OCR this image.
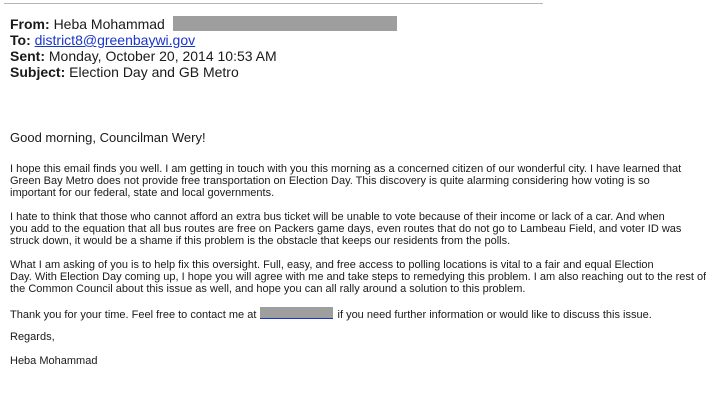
From: Heba Mohammad
To: district8@greenbaywi.gov
Sent: Monday, October 20, 2014 10:53 AM
Subject: Election Day and GB Metro
Good morning, Councilman Wery!
I hope this email finds you well. I am getting in touch with you this morning as a concerned citizen of our wonderful city. I have learned that
Green Bay Metro does not provide free transportation on Election Day. This discovery is quite alarming considering how voting is so
important for our federal, state and local governments.
I hate to think that those who cannot afford an extra bus ticket will be unable to vote because of their income or lack of a car. And when
you add to the equation that all bus routes are free on Packers game days, even routes that do not go to Lambeau Field, and voter ID was
struck down, it would be a shame if this problem is the obstacle that keeps our residents from the polls.
What I am asking of you is to help fix this oversight. Full, easy, and free access to polling locations is vital to a fair and equal Election
Day. With Election Day coming up, I hope you will agree with me and take steps to remedying this problem. I am also reaching out to the rest of
the Common Council about this issue as well, and hope you can all rally around a solution to this problem.
Thank you for your time. Feel free to contact me at	if you need further information or would like to discuss this issue.
Regards,
Heba Mohammad
